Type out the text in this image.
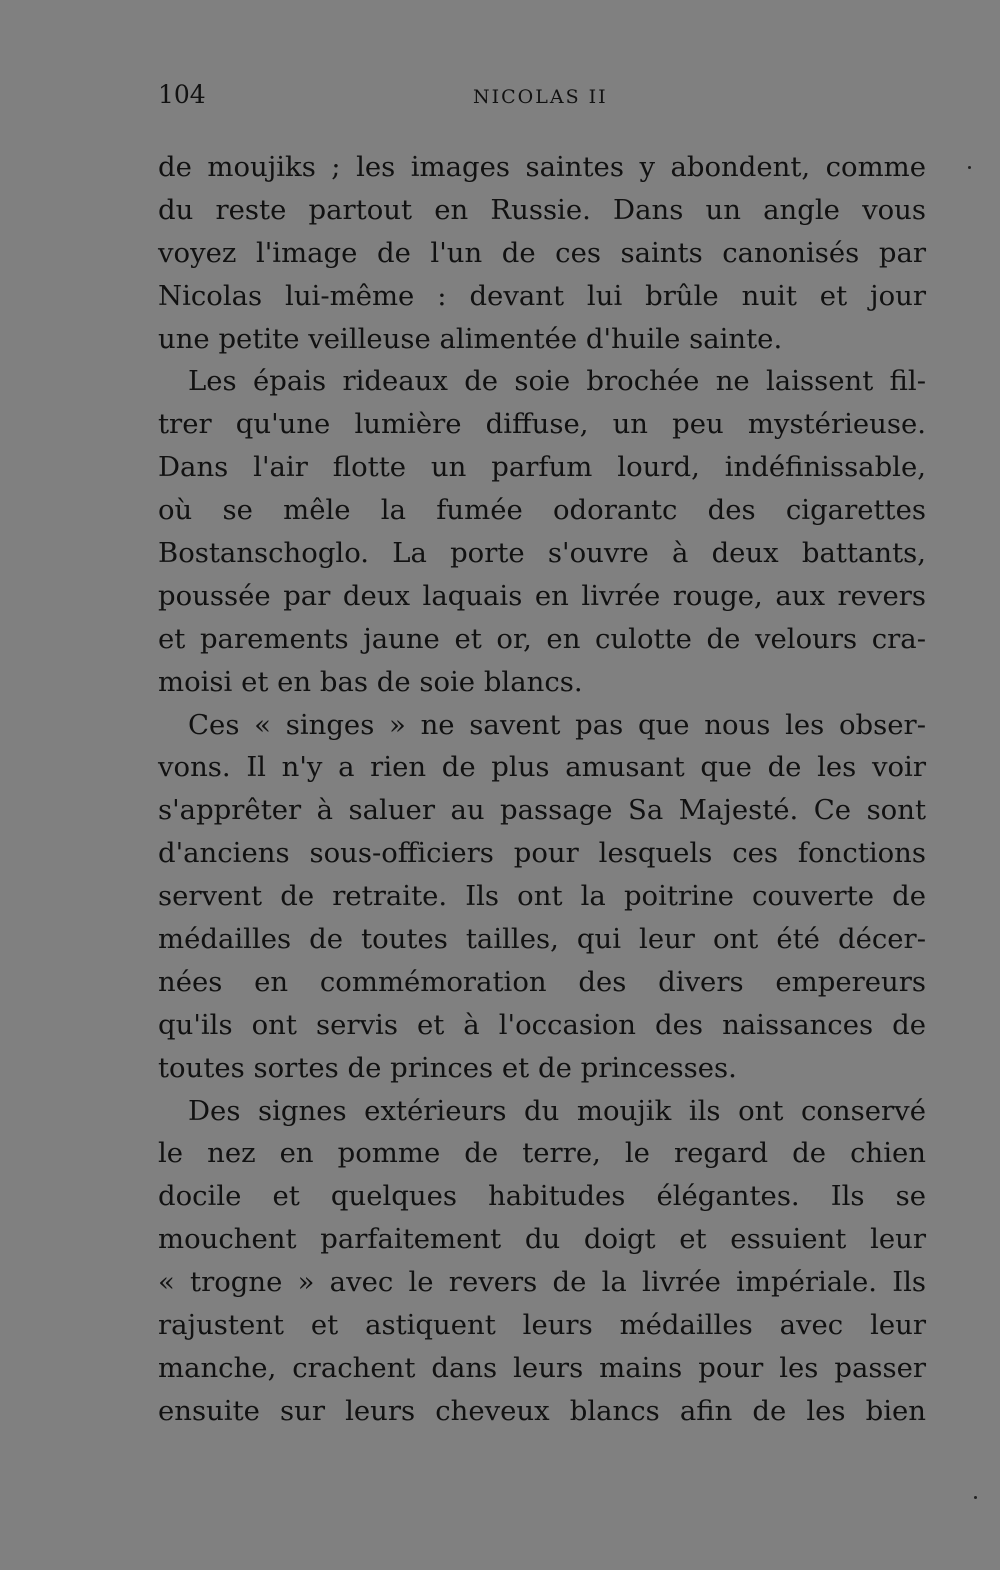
104	NICOLAS II
de moujiks ; les images saintes y abondent, comme
du reste partout en Russie. Dans un angle vous
voyez l'image de l'un de ces saints canonisés par
Nicolas lui-même : devant lui brûle nuit et jour
une petite veilleuse alimentée d'huile sainte.
Les épais rideaux de soie brochée ne laissent fil-
trer qu'une lumière diffuse, un peu mystérieuse.
Dans l'air flotte un parfum lourd, indéfinissable,
où se mêle la fumée odorantc des cigarettes
Bostanschoglo. La porte s'ouvre à deux battants,
poussée par deux laquais en livrée rouge, aux revers
et parements jaune et or, en culotte de velours cra-
moisi et en bas de soie blancs.
Ces « singes » ne savent pas que nous les obser-
vons. Il n'y a rien de plus amusant que de les voir
s'apprêter à saluer au passage Sa Majesté. Ce sont
d'anciens sous-officiers pour lesquels ces fonctions
servent de retraite. Ils ont la poitrine couverte de
médailles de toutes tailles, qui leur ont été décer-
nées en commémoration des divers empereurs
qu'ils ont servis et à l'occasion des naissances de
toutes sortes de princes et de princesses.
Des signes extérieurs du moujik ils ont conservé
le nez en pomme de terre, le regard de chien
docile et quelques habitudes élégantes. Ils se
mouchent parfaitement du doigt et essuient leur
« trogne » avec le revers de la livrée impériale. Ils
rajustent et astiquent leurs médailles avec leur
manche, crachent dans leurs mains pour les passer
ensuite sur leurs cheveux blancs afin de les bien
